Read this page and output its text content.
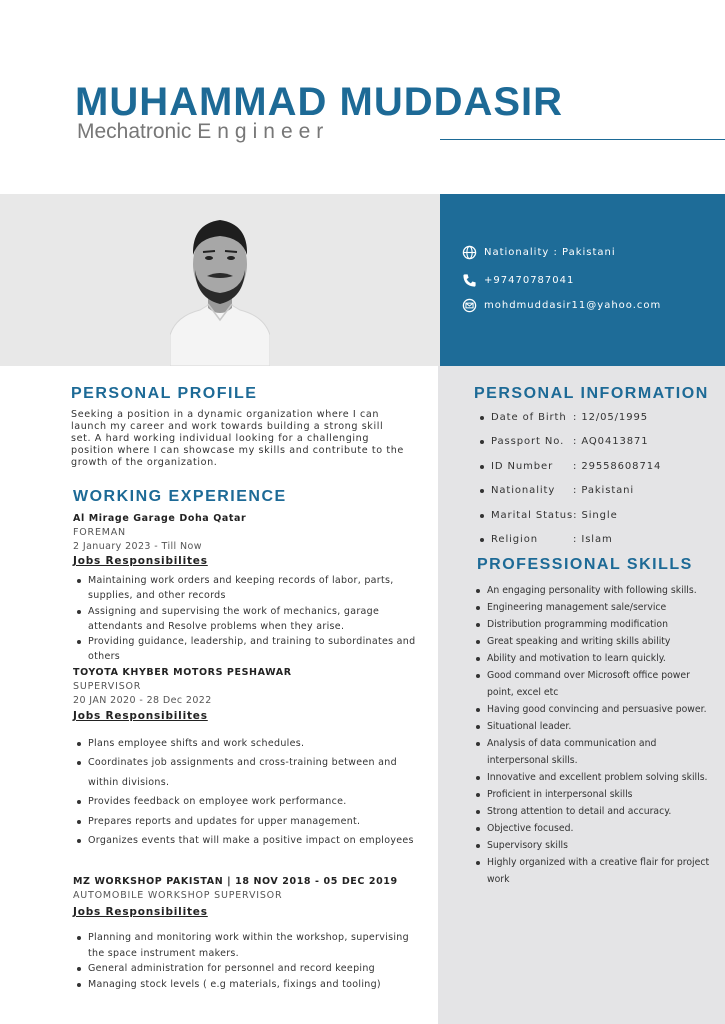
MUHAMMAD MUDDASIR
Mechatronic Engineer
Nationality : Pakistani
+97470787041
mohdmuddasir11@yahoo.com
PERSONAL PROFILE
Seeking a position in a dynamic organization where I can launch my career and work towards building a strong skill set. A hard working individual looking for a challenging position where I can showcase my skills and contribute to the growth of the organization.
WORKING EXPERIENCE
Al Mirage Garage Doha Qatar
FOREMAN
2 January 2023 - Till Now
Jobs Responsibilites
Maintaining work orders and keeping records of labor, parts, supplies, and other records
Assigning and supervising the work of mechanics, garage attendants and Resolve problems when they arise.
Providing guidance, leadership, and training to subordinates and others
TOYOTA KHYBER MOTORS PESHAWAR
SUPERVISOR
20 JAN 2020 - 28 Dec 2022
Jobs Responsibilites
Plans employee shifts and work schedules.
Coordinates job assignments and cross-training between and within divisions.
Provides feedback on employee work performance.
Prepares reports and updates for upper management.
Organizes events that will make a positive impact on employees
MZ WORKSHOP PAKISTAN | 18 NOV 2018 - 05 DEC 2019
AUTOMOBILE WORKSHOP SUPERVISOR
Jobs Responsibilites
Planning and monitoring work within the workshop, supervising the space instrument makers.
General administration for personnel and record keeping
Managing stock levels ( e.g materials, fixings and tooling)
PERSONAL INFORMATION
Date of Birth : 12/05/1995
Passport No. : AQ0413871
ID Number : 29558608714
Nationality : Pakistani
Marital Status: Single
Religion	: Islam
PROFESSIONAL SKILLS
An engaging personality with following skills.
Engineering management sale/service
Distribution programming modification
Great speaking and writing skills ability
Ability and motivation to learn quickly.
Good command over Microsoft office power point, excel etc
Having good convincing and persuasive power.
Situational leader.
Analysis of data communication and interpersonal skills.
Innovative and excellent problem solving skills.
Proficient in interpersonal skills
Strong attention to detail and accuracy.
Objective focused.
Supervisory skills
Highly organized with a creative flair for project work
